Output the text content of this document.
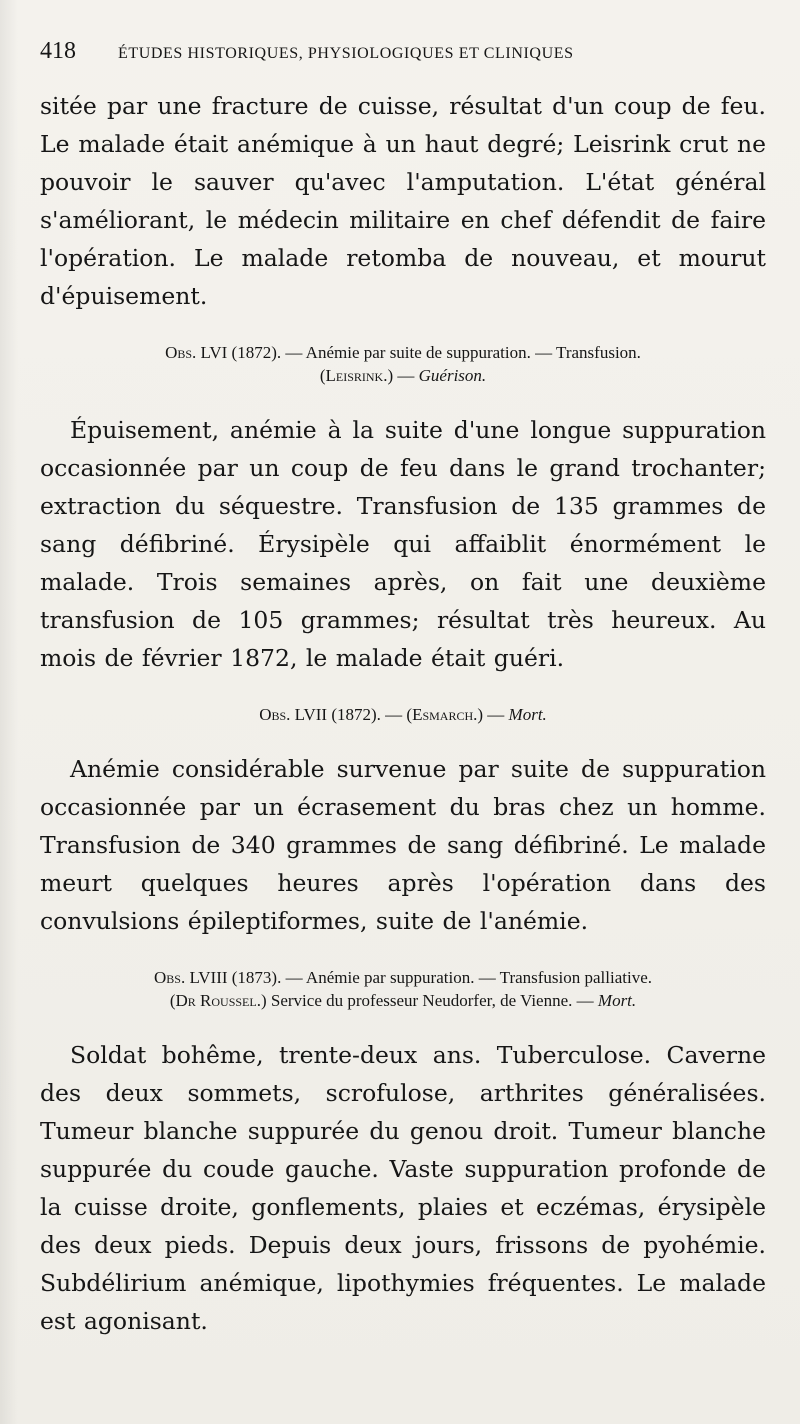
418	ÉTUDES HISTORIQUES, PHYSIOLOGIQUES ET CLINIQUES

sitée par une fracture de cuisse, résultat d'un coup de feu. Le malade était anémique à un haut degré; Leisrink crut ne pouvoir le sauver qu'avec l'amputation. L'état général s'améliorant, le médecin militaire en chef défendit de faire l'opération. Le malade retomba de nouveau, et mourut d'épuisement.

Obs. LVI (1872). — Anémie par suite de suppuration. — Transfusion.
(Leisrink.) — Guérison.

Épuisement, anémie à la suite d'une longue suppuration occasionnée par un coup de feu dans le grand trochanter; extraction du séquestre. Transfusion de 135 grammes de sang défibriné. Érysipèle qui affaiblit énormément le malade. Trois semaines après, on fait une deuxième transfusion de 105 grammes; résultat très heureux. Au mois de février 1872, le malade était guéri.

Obs. LVII (1872). — (Esmarch.) — Mort.

Anémie considérable survenue par suite de suppuration occasionnée par un écrasement du bras chez un homme. Transfusion de 340 grammes de sang défibriné. Le malade meurt quelques heures après l'opération dans des convulsions épileptiformes, suite de l'anémie.

Obs. LVIII (1873). — Anémie par suppuration. — Transfusion palliative.
(Dr Roussel.) Service du professeur Neudorfer, de Vienne. — Mort.

Soldat bohême, trente-deux ans. Tuberculose. Caverne des deux sommets, scrofulose, arthrites généralisées. Tumeur blanche suppurée du genou droit. Tumeur blanche suppurée du coude gauche. Vaste suppuration profonde de la cuisse droite, gonflements, plaies et eczémas, érysipèle des deux pieds. Depuis deux jours, frissons de pyohémie. Subdélirium anémique, lipothymies fréquentes. Le malade est agonisant.
